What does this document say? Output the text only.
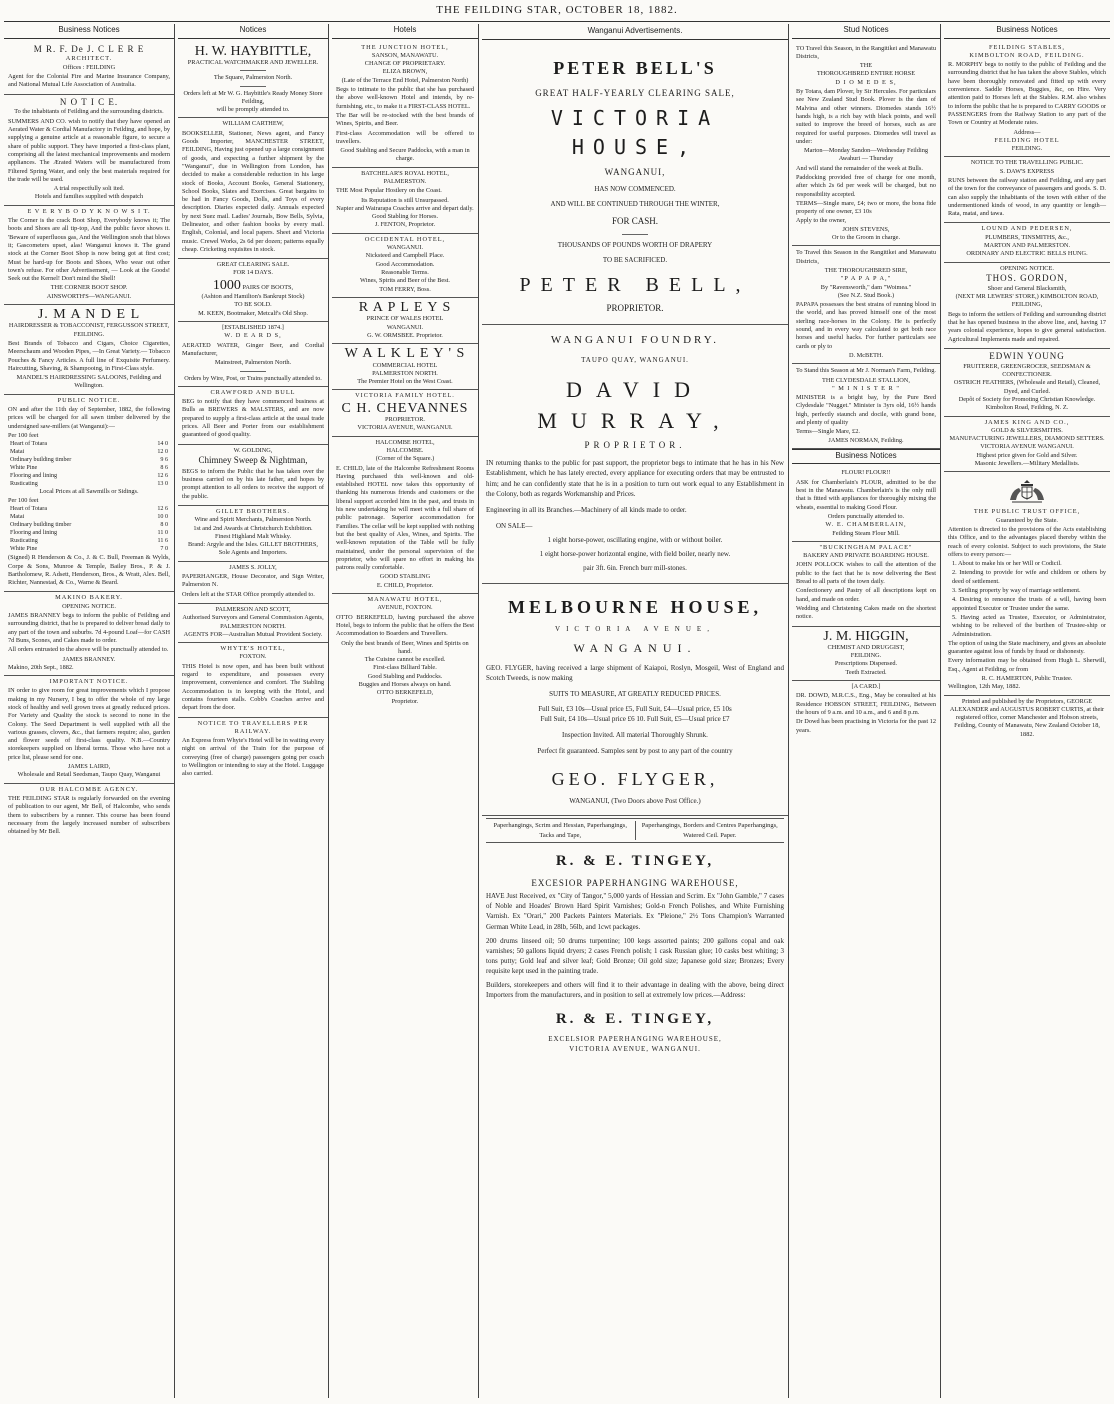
THE FEILDING STAR, OCTOBER 18, 1882.
Business Notices
M R. F. De J. C L E R E
ARCHITECT.
Offices : FEILDING
Agent for the Colonial Fire and Marine Insurance Company, and National Mutual Life Association of Australia.
N O T I C E.
To the inhabitants of Feilding and the surrounding districts.
SUMMERS AND CO. wish to notify that they have opened an Aerated Water & Cordial Manufactory in Feilding, and hope, by supplying a genuine article at a reasonable figure, to secure a share of public support. They have imported a first-class plant, comprising all the latest mechanical improvements and modern appliances. The Ærated Waters will be manufactured from Filtered Spring Water, and only the best materials required for the trade will be used.
A trial respectfully soli ited.
Hotels and families supplied with despatch
E V E R Y B O D Y K N O W S I T.
The Corner is the crack Boot Shop, Everybody knows it; The boots and Shoes are all tip-top, And the public favor shows it. 'Beware of superfluous gas, And the Wellington snob that blows it; Gascometers upset, alas! Wanganui knows it. The grand stock at the Corner Boot Shop is now being got at first cost; Must be hard-up for Boots and Shoes, Who wear out other town's refuse. For other Advertisement, — Look at the Goods! Seek out the Kernel! Don't mind the Shell!
THE CORNER BOOT SHOP.
AINSWORTH'S—WANGANUI.
J. M A N D E L
HAIRDRESSER & TOBACCONIST, FERGUSSON STREET, FEILDING.
Best Brands of Tobacco and Cigars, Choice Cigarettes, Meerschaum and Wooden Pipes, —In Great Variety.— Tobacco Pouches & Fancy Articles. A full line of Exquisite Perfumery. Haircutting, Shaving, & Shampooing, in First-Class style.
MANDEL'S HAIRDRESSING SALOONS, Feilding and Wellington.
PUBLIC NOTICE.
ON and after the 11th day of September, 1882, the following prices will be charged for all sawn timber delivered by the undersigned saw-millers (at Wanganui):—
Per 100 feet
Heart of Totara	14 0
Matai	12 0
Ordinary building timber	9 6
White Pine	8 6
Flooring and lining	12 6
Rusticating	13 0
Local Prices at all Sawmills or Sidings.
Per 100 feet
Heart of Totara	12 6
Matai	10 0
Ordinary building timber	8 0
Flooring and lining	11 0
Rusticating	11 6
White Pine	7 0
(Signed) R Henderson & Co., J. & C. Bull, Freeman & Wylds, Corpe & Sons, Munroe & Temple, Bailey Bros., P. & J. Bartholomew, R. Adsett, Henderson, Bros., & Wratt, Alex. Bell, Richter, Nannestad, & Co., Warne & Beard.
MAKINO BAKERY.
OPENING NOTICE.
JAMES BRANNEY begs to inform the public of Feilding and surrounding district, that he is prepared to deliver bread daily to any part of the town and suburbs. 7d 4-pound Loaf—for CASH 7d Buns, Scones, and Cakes made to order.
All orders entrusted to the above will be punctually attended to.
JAMES BRANNEY.
Makino, 20th Sept., 1882.
IMPORTANT NOTICE.
IN order to give room for great improvements which I propose making in my Nursery, I beg to offer the whole of my large stock of healthy and well grown trees at greatly reduced prices. For Variety and Quality the stock is second to none in the Colony. The Seed Department is well supplied with all the various grasses, clovers, &c., that farmers require; also, garden and flower seeds of first-class quality. N.B.—Country storekeepers supplied on liberal terms. Those who have not a price list, please send for one.
JAMES LAIRD,
Wholesale and Retail Seedsman, Taupo Quay, Wanganui
OUR HALCOMBE AGENCY.
THE FEILDING STAR is regularly forwarded on the evening of publication to our agent, Mr Bell, of Halcombe, who sends them to subscribers by a runner. This course has been found necessary from the largely increased number of subscribers obtained by Mr Bell.
Notices
H. W. HAYBITTLE,
PRACTICAL WATCHMAKER AND JEWELLER.
The Square, Palmerston North.
Orders left at Mr W. G. Haybittle's Ready Money Store Feilding,
will be promptly attended to.
WILLIAM CARTHEW,
BOOKSELLER, Stationer, News agent, and Fancy Goods Importer, MANCHESTER STREET, FEILDING, Having just opened up a large consignment of goods, and expecting a further shipment by the "Wanganui", due in Wellington from London, has decided to make a considerable reduction in his large stock of Books, Account Books, General Stationery, School Books, Slates and Exercises. Great bargains to be had in Fancy Goods, Dolls, and Toys of every description. Diaries expected daily. Annuals expected by next Suez mail. Ladies' Journals, Bow Bells, Sylvia, Delineator, and other fashion books by every mail. English, Colonial, and local papers. Sheet and Victoria music. Crewel Works, 2s 6d per dozen; patterns equally cheap. Cricketing requisites in stock.
GREAT CLEARING SALE.
FOR 14 DAYS.
1000 PAIRS OF BOOTS,
(Ashton and Hamilton's Bankrupt Stock)
TO BE SOLD.
M. KEEN, Bootmaker, Metcalf's Old Shop.
[ESTABLISHED 1874.]
W. D E A R D S,
AERATED WATER, Ginger Beer, and Cordial Manufacturer,
Mainstreet, Palmerston North.
Orders by Wire, Post, or Trains punctually attended to.
CRAWFORD AND BULL
BEG to notify that they have commenced business at Bulls as BREWERS & MALSTERS, and are now prepared to supply a first-class article at the usual trade prices. All Beer and Porter from our establishment guaranteed of good quality.
W. GOLDING,
Chimney Sweep & Nightman,
BEGS to inform the Public that he has taken over the business carried on by his late father, and hopes by prompt attention to all orders to receive the support of the public.
GILLET BROTHERS.
Wine and Spirit Merchants, Palmerston North.
1st and 2nd Awards at Christchurch Exhibition.
Finest Highland Malt Whisky.
Brand: Argyle and the Isles. GILLET BROTHERS, Sole Agents and Importers.
JAMES S. JOLLY,
PAPERHANGER, House Decorator, and Sign Writer, Palmerston N.
Orders left at the STAR Office promptly attended to.
PALMERSON AND SCOTT,
Authorised Surveyors and General Commission Agents, PALMERSTON NORTH.
AGENTS FOR—Australian Mutual Provident Society.
WHYTE'S HOTEL,
FOXTON.
THIS Hotel is now open, and has been built without regard to expenditure, and possesses every improvement, convenience and comfort. The Stabling Accommodation is in keeping with the Hotel, and contains fourteen stalls. Cobb's Coaches arrive and depart from the door.
NOTICE TO TRAVELLERS PER RAILWAY.
An Express from Whyte's Hotel will be in waiting every night on arrival of the Train for the purpose of conveying (free of charge) passengers going per coach to Wellington or intending to stay at the Hotel. Luggage also carried.
Hotels
THE JUNCTION HOTEL,
SANSON, MANAWATU.
CHANGE OF PROPRIETARY.
ELIZA BROWN,
(Late of the Terrace End Hotel, Palmerston North)
Begs to intimate to the public that she has purchased the above well-known Hotel and intends, by re-furnishing, etc., to make it a FIRST-CLASS HOTEL.
The Bar will be re-stocked with the best brands of Wines, Spirits, and Beer.
First-class Accommodation will be offered to travellers.
Good Stabling and Secure Paddocks, with a man in charge.
BATCHELAR'S ROYAL HOTEL,
PALMERSTON.
THE Most Popular Hostlery on the Coast.
Its Reputation is still Unsurpassed.
Napier and Wairarapa Coaches arrive and depart daily.
Good Stabling for Horses.
J. FENTON, Proprietor.
OCCIDENTAL HOTEL,
WANGANUI.
Nicksteed and Campbell Place.
Good Accommodation.
Reasonable Terms.
Wines, Spirits and Beer of the Best.
TOM FERRY, Boss.
R A P L E Y S
PRINCE OF WALES HOTEL
WANGANUI.
G. W. ORMSBEE. Proprietor.
W A L K L E Y ' S
COMMERCIAL HOTEL
PALMERSTON NORTH.
The Premier Hotel on the West Coast.
VICTORIA FAMILY HOTEL.
C H. CHEVANNES
PROPRIETOR.
VICTORIA AVENUE, WANGANUI.
HALCOMBE HOTEL,
HALCOMBE.
(Corner of the Square.)
E. CHILD, late of the Halcombe Refreshment Rooms Having purchased this well-known and old-established HOTEL now takes this opportunity of thanking his numerous friends and customers or the liberal support accorded him in the past, and trusts in his new undertaking he will meet with a full share of public patronage. Superior accommodation for Families. The cellar will be kept supplied with nothing but the best quality of Ales, Wines, and Spirits. The well-known reputation of the Table will be fully maintained, under the personal supervision of the proprietor, who will spare no effort in making his patrons really comfortable.
GOOD STABLING
E. CHILD, Proprietor.
MANAWATU HOTEL,
AVENUE, FOXTON.
OTTO BERKEFELD, having purchased the above Hotel, begs to inform the public that he offers the Best Accommodation to Boarders and Travellers.
Only the best brands of Beer, Wines and Spirits on hand.
The Cuisine cannot be excelled.
First-class Billiard Table.
Good Stabling and Paddocks.
Buggies and Horses always on hand.
OTTO BERKEFELD,
Proprietor.
Wanganui Advertisements.
PETER BELL'S
GREAT HALF-YEARLY CLEARING SALE,
VICTORIA HOUSE,
WANGANUI,
HAS NOW COMMENCED.
AND WILL BE CONTINUED THROUGH THE WINTER,
FOR CASH.
THOUSANDS OF POUNDS WORTH OF DRAPERY
TO BE SACRIFICED.
PETER BELL,
PROPRIETOR.
WANGANUI FOUNDRY.
TAUPO QUAY, WANGANUI.
DAVID MURRAY,
PROPRIETOR.
IN returning thanks to the public for past support, the proprietor begs to intimate that he has in his New Establishment, which he has lately erected, every appliance for executing orders that may be entrusted to him; and he can confidently state that he is in a position to turn out work equal to any Establishment in the Colony, both as regards Workmanship and Prices.
Engineering in all its Branches.—Machinery of all kinds made to order.
ON SALE—
1 eight horse-power, oscillating engine, with or without boiler.
1 eight horse-power horizontal engine, with field boiler, nearly new.
pair 3ft. 6in. French burr mill-stones.
MELBOURNE HOUSE,
VICTORIA AVENUE,
WANGANUI.
GEO. FLYGER, having received a large shipment of Kaiapoi, Roslyn, Mosgeil, West of England and Scotch Tweeds, is now making
SUITS TO MEASURE, AT GREATLY REDUCED PRICES.
Full Suit, £3 10s—Usual price £5, Full Suit, £4—Usual price, £5 10s
Full Suit, £4 10s—Usual price £6 10. Full Suit, £5—Usual price £7
Inspection Invited. All material Thoroughly Shrunk.
Perfect fit guaranteed. Samples sent by post to any part of the country
GEO. FLYGER,
WANGANUI, (Two Doors above Post Office.)
Paperhangings, Scrim and Hessian, Paperhangings, Tacks and Tape,
Paperhangings, Borders and Centres Paperhangings, Watered Ceil. Paper.
R. & E. TINGEY,
EXCESIOR PAPERHANGING WAREHOUSE,
HAVE Just Received, ex "City of Tangor," 5,000 yards of Hessian and Scrim. Ex "John Gamble," 7 cases of Noble and Hoades' Brown Hard Spirit Varnishes; Gold-n French Polishes, and White Furnishing Varnish. Ex "Orari," 200 Packets Painters Materials. Ex "Pleione," 2½ Tons Champion's Warranted German White Lead, in 28lb, 56lb, and 1cwt packages.
200 drums linseed oil; 50 drums turpentine; 100 kegs assorted paints; 200 gallons copal and oak varnishes; 50 gallons liquid dryers; 2 cases French polish; 1 cask Russian glue; 10 casks best whiting; 3 tons putty; Gold leaf and silver leaf; Gold Bronze; Oil gold size; Japanese gold size; Bronzes; Every requisite kept used in the painting trade.
Builders, storekeepers and others will find it to their advantage in dealing with the above, being direct Importers from the manufacturers, and in position to sell at extremely low prices.—Address:
R. & E. TINGEY,
EXCELSIOR PAPERHANGING WAREHOUSE,
VICTORIA AVENUE, WANGANUI.
Stud Notices
TO Travel this Season, in the Rangitikei and Manawatu Districts,
THE
THOROUGHBRED ENTIRE HORSE
D I O M E D E S,
By Totara, dam Plover, by Sir Hercules. For particulars see New Zealand Stud Book. Plover is the dam of Malvina and other winners. Diomedes stands 16½ hands high, is a rich bay with black points, and well suited to improve the breed of horses, such as are required for useful purposes. Diomedes will travel as under:
Marton—Monday Sandon—Wednesday Feilding Awahuri — Thursday
And will stand the remainder of the week at Bulls.
Paddocking provided free of charge for one month, after which 2s 6d per week will be charged, but no responsibility accepted.
TERMS—Single mare, £4; two or more, the bona fide property of one owner, £3 10s
Apply to the owner,
JOHN STEVENS,
Or to the Groom in charge.
To Travel this Season in the Rangitikei and Manawatu Districts,
THE THOROUGHBRED SIRE,
"P A P A P A,"
By "Ravensworth," dam "Woimea."
(See N.Z. Stud Book.)
PAPAPA possesses the best strains of running blood in the world, and has proved himself one of the most sterling race-horses in the Colony. He is perfectly sound, and in every way calculated to get both race horses and useful hacks. For further particulars see cards or ply to
D. McBETH.
To Stand this Season at Mr J. Norman's Farm, Feilding.
THE CLYDESDALE STALLION,
" M I N I S T E R "
MINISTER is a bright bay, by the Pure Bred Clydesdale "Nugget." Minister is 3yrs old, 16½ hands high, perfectly staunch and docile, with grand bone, and plenty of quality
Terms—Single Mare, £2.
JAMES NORMAN, Feilding.
Business Notices
FLOUR! FLOUR!!
ASK for Chamberlain's FLOUR, admitted to be the best in the Manawatu. Chamberlain's is the only mill that is fitted with appliances for thoroughly mixing the wheats, essential to making Good Flour.
Orders punctually attended to.
W. E. CHAMBERLAIN,
Feilding Steam Flour Mill.
"BUCKINGHAM PALACE"
BAKERY AND PRIVATE BOARDING HOUSE.
JOHN POLLOCK wishes to call the attention of the public to the fact that he is now delivering the Best Bread to all parts of the town daily.
Confectionery and Pastry of all descriptions kept on hand, and made on order.
Wedding and Christening Cakes made on the shortest notice.
J. M. HIGGIN,
CHEMIST AND DRUGGIST,
FEILDING.
Prescriptions Dispensed.
Teeth Extracted.
[A CARD.]
DR. DOWD, M.R.C.S., Eng., May be consulted at his Residence HOBSON STREET, FEILDING, Between the hours of 9 a.m. and 10 a.m., and 6 and 8 p.m.
Dr Dowd has been practising in Victoria for the past 12 years.
Business Notices
FEILDING STABLES,
KIMBOLTON ROAD, FEILDING.
R. MORPHY begs to notify to the public of Feilding and the surrounding district that he has taken the above Stables, which have been thoroughly renovated and fitted up with every convenience. Saddle Horses, Buggies, &c, on Hire. Very attention paid to Horses left at the Stables. R.M. also wishes to inform the public that he is prepared to CARRY GOODS or PASSENGERS from the Railway Station to any part of the Town or Country at Moderate rates.
Address—
FEILDING HOTEL
FEILDING.
NOTICE TO THE TRAVELLING PUBLIC.
S. DAW'S EXPRESS
RUNS between the railway station and Feilding, and any part of the town for the conveyance of passengers and goods. S. D. can also supply the inhabitants of the town with either of the undermentioned kinds of wood, in any quantity or length—Rata, matai, and tawa.
LOUND AND PEDERSEN,
PLUMBERS, TINSMITHS, &c.,
MARTON AND PALMERSTON.
ORDINARY AND ELECTRIC BELLS HUNG.
OPENING NOTICE.
THOS. GORDON,
Shoer and General Blacksmith,
(NEXT MR LEWERS' STORE,) KIMBOLTON ROAD, FEILDING,
Begs to inform the settlers of Feilding and surrounding district that he has opened business in the above line, and, having 17 years colonial experience, hopes to give general satisfaction. Agricultural Implements made and repaired.
EDWIN YOUNG
FRUITERER, GREENGROCER, SEEDSMAN & CONFECTIONER.
OSTRICH FEATHERS, (Wholesale and Retail), Cleaned, Dyed, and Curled.
Depôt of Society for Promoting Christian Knowledge.
Kimbolton Road, Feilding, N. Z.
JAMES KING AND CO.,
GOLD & SILVERSMITHS.
MANUFACTURING JEWELLERS, DIAMOND SETTERS.
VICTORIA AVENUE WANGANUI.
Highest price given for Gold and Silver.
Masonic Jewellers.—Military Medallists.
THE PUBLIC TRUST OFFICE,
Guaranteed by the State.
Attention is directed to the provisions of the Acts establishing this Office, and to the advantages placed thereby within the reach of every colonist. Subject to such provisions, the State offers to every person:—
1. About to make his or her Will or Codicil.
2. Intending to provide for wife and children or others by deed of settlement.
3. Settling property by way of marriage settlement.
4. Desiring to renounce the trusts of a will, having been appointed Executor or Trustee under the same.
5. Having acted as Trustee, Executor, or Administrator, wishing to be relieved of the burthen of Trustee-ship or Administration.
The option of using the State machinery, and gives an absolute guarantee against loss of funds by fraud or dishonesty.
Every information may be obtained from Hugh L. Sherwill, Esq., Agent at Feilding, or from
R. C. HAMERTON, Public Trustee.
Wellington, 12th May, 1882.
Printed and published by the Proprietors, GEORGE ALEXANDER and AUGUSTUS ROBERT CURTIS, at their registered office, corner Manchester and Hobson streets, Feilding, County of Manawatu, New Zealand October 18, 1882.
